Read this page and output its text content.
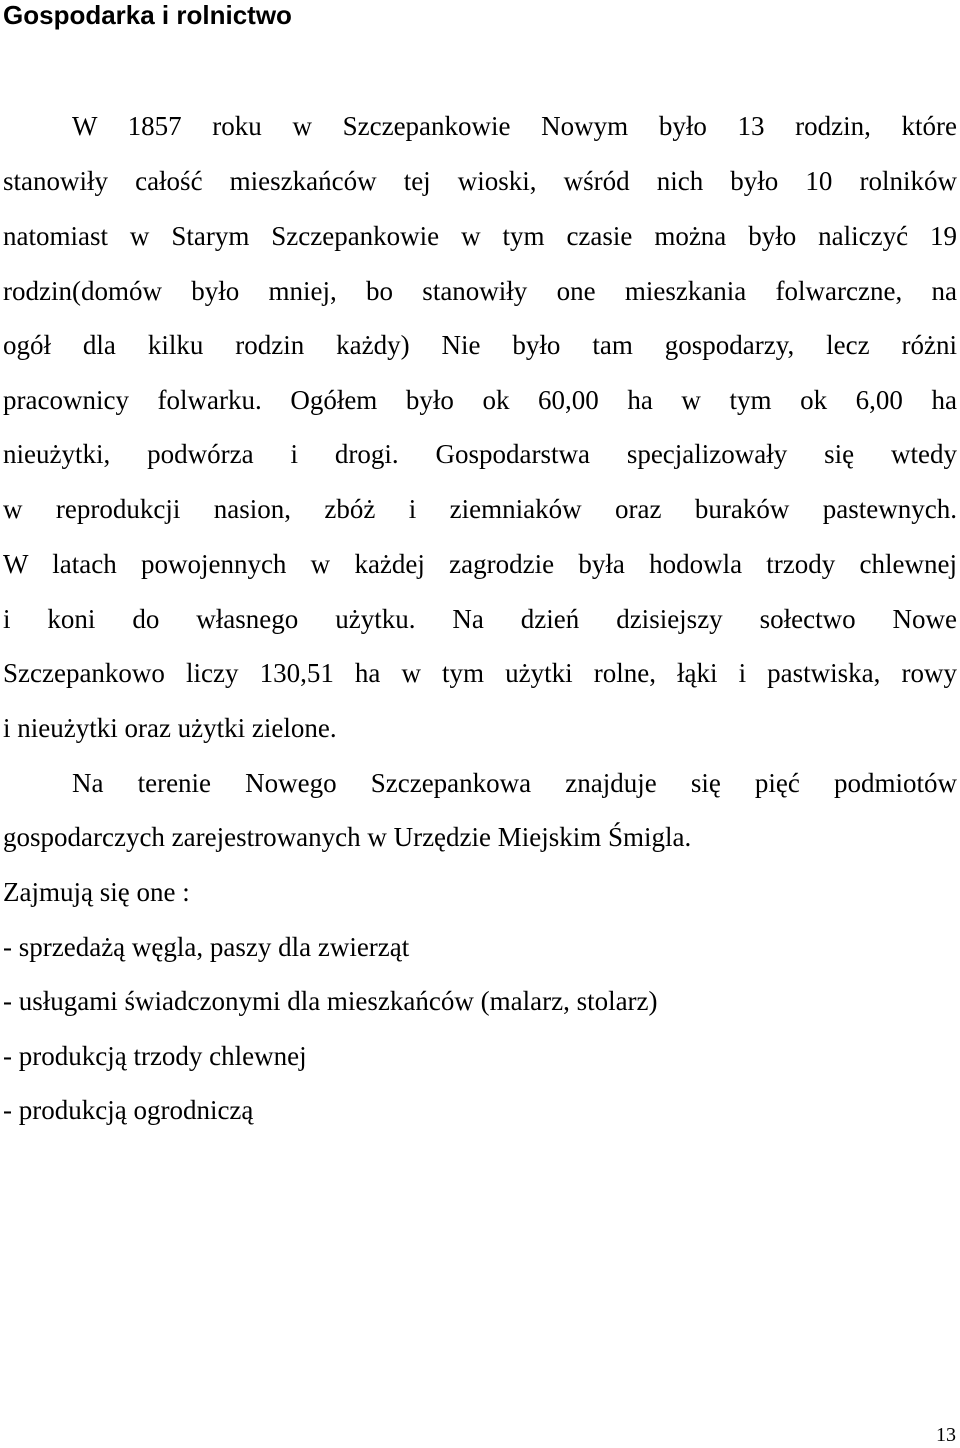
Gospodarka i rolnictwo
W 1857 roku w Szczepankowie Nowym było 13 rodzin, które
stanowiły całość mieszkańców tej wioski, wśród nich było 10 rolników
natomiast w Starym Szczepankowie w tym czasie można było naliczyć 19
rodzin(domów było mniej, bo stanowiły one mieszkania folwarczne, na
ogół dla kilku rodzin każdy) Nie było tam gospodarzy, lecz różni
pracownicy folwarku. Ogółem było ok 60,00 ha w tym ok 6,00 ha
nieużytki, podwórza i drogi. Gospodarstwa specjalizowały się wtedy
w reprodukcji nasion, zbóż i ziemniaków oraz buraków pastewnych.
W latach powojennych w każdej zagrodzie była hodowla trzody chlewnej
i koni do własnego użytku. Na dzień dzisiejszy sołectwo Nowe
Szczepankowo liczy 130,51 ha w tym użytki rolne, łąki i pastwiska, rowy
i nieużytki oraz użytki zielone.
Na terenie Nowego Szczepankowa znajduje się pięć podmiotów
gospodarczych zarejestrowanych w Urzędzie Miejskim Śmigla.
Zajmują się one :
- sprzedażą węgla, paszy dla zwierząt
- usługami świadczonymi dla mieszkańców (malarz, stolarz)
- produkcją trzody chlewnej
- produkcją ogrodniczą
13
